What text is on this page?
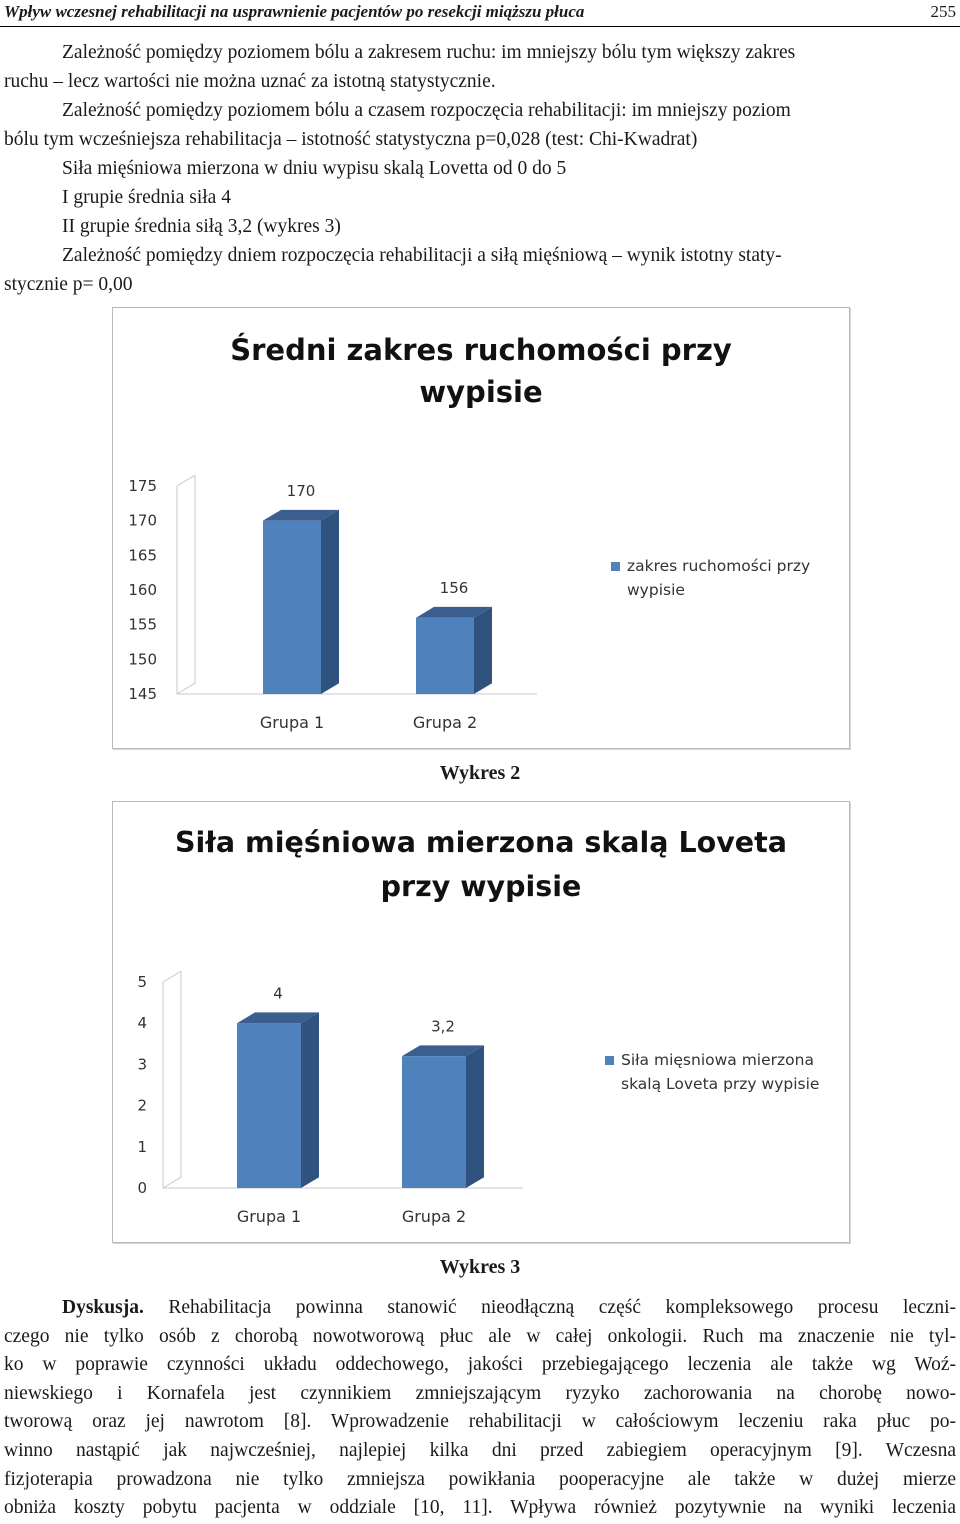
Wpływ wczesnej rehabilitacji na usprawnienie pacjentów po resekcji miąższu płuca	255
Zależność pomiędzy poziomem bólu a zakresem ruchu: im mniejszy bólu tym większy zakres
ruchu – lecz wartości nie można uznać za istotną statystycznie.
Zależność pomiędzy poziomem bólu a czasem rozpoczęcia rehabilitacji: im mniejszy poziom
bólu tym wcześniejsza rehabilitacja – istotność statystyczna p=0,028 (test: Chi-Kwadrat)
Siła mięśniowa mierzona w dniu wypisu skalą Lovetta od 0 do 5
I grupie średnia siła 4
II grupie średnia siłą 3,2 (wykres 3)
Zależność pomiędzy dniem rozpoczęcia rehabilitacji a siłą mięśniową – wynik istotny staty-
stycznie p= 0,00
Średni zakres ruchomości przy
wypisie
145
150
155
160
165
170
175	170
Grupa 1
156
Grupa 2
zakres ruchomości przy
wypisie
Wykres 2
Siła mięśniowa mierzona skalą Loveta
przy wypisie
0
1
2
3
4
5
4
Grupa 1
3,2
Grupa 2
Siła mięsniowa mierzona
skalą Loveta przy wypisie
Wykres 3
Dyskusja. Rehabilitacja powinna stanowić nieodłączną część kompleksowego procesu leczni-
czego nie tylko osób z chorobą nowotworową płuc ale w całej onkologii. Ruch ma znaczenie nie tyl-
ko w poprawie czynności układu oddechowego, jakości przebiegającego leczenia ale także wg Woź-
niewskiego i Kornafela jest czynnikiem zmniejszającym ryzyko zachorowania na chorobę nowo-
tworową oraz jej nawrotom [8]. Wprowadzenie rehabilitacji w całościowym leczeniu raka płuc po-
winno nastąpić jak najwcześniej, najlepiej kilka dni przed zabiegiem operacyjnym [9]. Wczesna
fizjoterapia prowadzona nie tylko zmniejsza powikłania pooperacyjne ale także w dużej mierze
obniża koszty pobytu pacjenta w oddziale [10, 11]. Wpływa również pozytywnie na wyniki leczenia
